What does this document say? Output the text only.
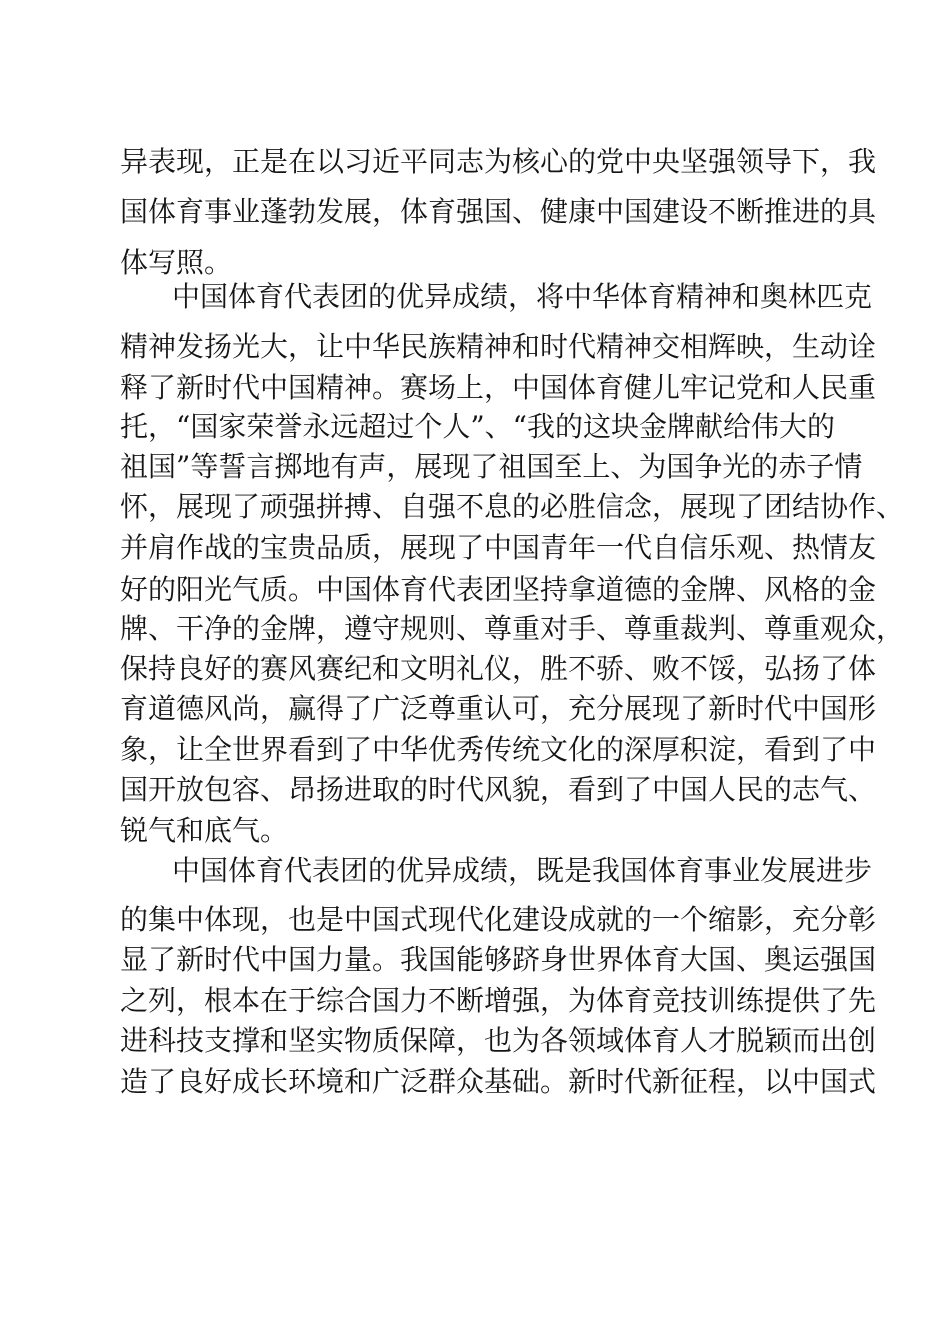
异表现，正是在以习近平同志为核心的党中央坚强领导下，我

国体育事业蓬勃发展，体育强国、健康中国建设不断推进的具

体写照。

中国体育代表团的优异成绩，将中华体育精神和奥林匹克

精神发扬光大，让中华民族精神和时代精神交相辉映，生动诠

释了新时代中国精神。赛场上，中国体育健儿牢记党和人民重

托，“国家荣誉永远超过个人”、“我的这块金牌献给伟大的

祖国”等誓言掷地有声，展现了祖国至上、为国争光的赤子情

怀，展现了顽强拼搏、自强不息的必胜信念，展现了团结协作、

并肩作战的宝贵品质，展现了中国青年一代自信乐观、热情友

好的阳光气质。中国体育代表团坚持拿道德的金牌、风格的金

牌、干净的金牌，遵守规则、尊重对手、尊重裁判、尊重观众，

保持良好的赛风赛纪和文明礼仪，胜不骄、败不馁，弘扬了体

育道德风尚，赢得了广泛尊重认可，充分展现了新时代中国形

象，让全世界看到了中华优秀传统文化的深厚积淀，看到了中

国开放包容、昂扬进取的时代风貌，看到了中国人民的志气、

锐气和底气。

中国体育代表团的优异成绩，既是我国体育事业发展进步

的集中体现，也是中国式现代化建设成就的一个缩影，充分彰

显了新时代中国力量。我国能够跻身世界体育大国、奥运强国

之列，根本在于综合国力不断增强，为体育竞技训练提供了先

进科技支撑和坚实物质保障，也为各领域体育人才脱颖而出创

造了良好成长环境和广泛群众基础。新时代新征程，以中国式
